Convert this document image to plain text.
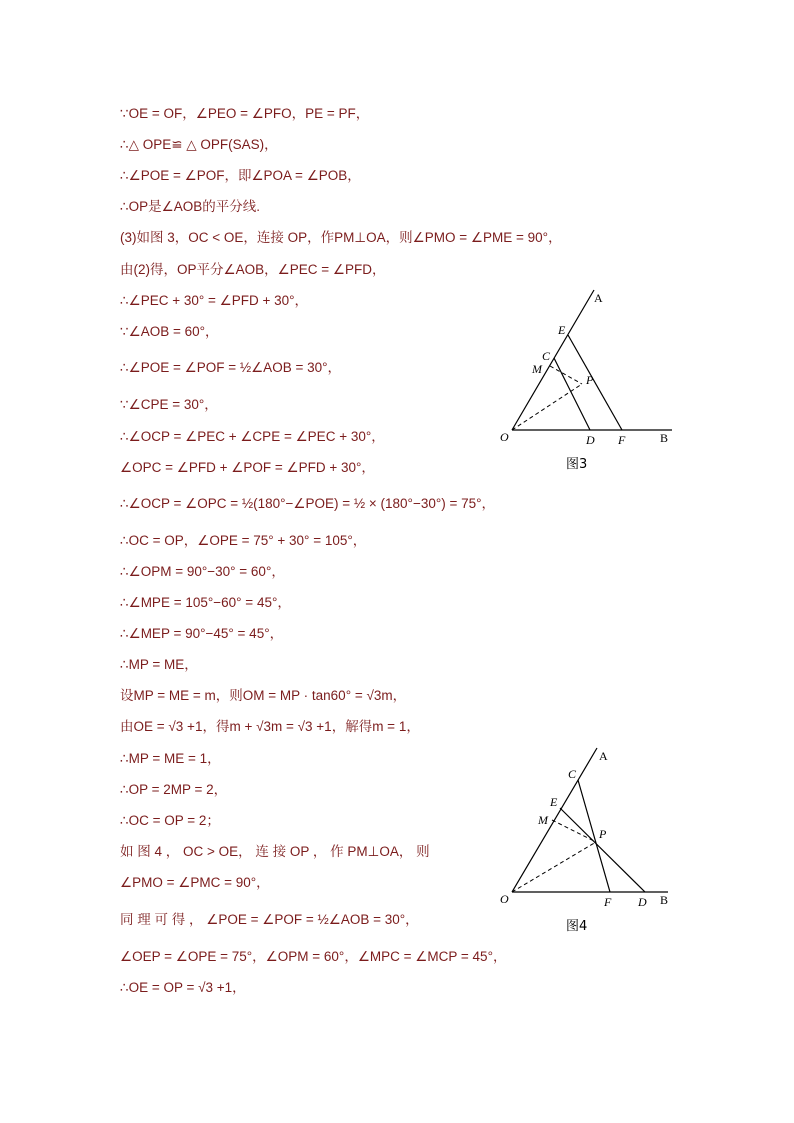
∵OE = OF，∠PEO = ∠PFO，PE = PF，
∴△ OPE≌ △ OPF(SAS)，
∴∠POE = ∠POF，即∠POA = ∠POB，
∴OP是∠AOB的平分线.
(3)如图 3，OC < OE，连接 OP，作PM⊥OA，则∠PMO = ∠PME = 90°，
由(2)得，OP平分∠AOB，∠PEC = ∠PFD，
∴∠PEC + 30° = ∠PFD + 30°，
∵∠AOB = 60°，
∴∠POE = ∠POF = ½∠AOB = 30°，
∵∠CPE = 30°，
∴∠OCP = ∠PEC + ∠CPE = ∠PEC + 30°，
∠OPC = ∠PFD + ∠POF = ∠PFD + 30°，
∴∠OCP = ∠OPC = ½(180°−∠POE) = ½ × (180°−30°) = 75°，
∴OC = OP，∠OPE = 75° + 30° = 105°，
∴∠OPM = 90°−30° = 60°，
∴∠MPE = 105°−60° = 45°，
∴∠MEP = 90°−45° = 45°，
∴MP = ME，
设MP = ME = m，则OM = MP · tan60° = √3m，
由OE = √3 +1，得m + √3m = √3 +1，解得m = 1，
∴MP = ME = 1，
∴OP = 2MP = 2，
∴OC = OP = 2；
如 图 4 ， OC > OE， 连 接 OP ， 作 PM⊥OA， 则
∠PMO = ∠PMC = 90°，
同 理 可 得 ， ∠POE = ∠POF = ½∠AOB = 30°，
∠OEP = ∠OPE = 75°，∠OPM = 60°，∠MPC = ∠MCP = 45°，
∴OE = OP = √3 +1，
A
E
C
M
P
O	D F	B
图3
A
C
E
M
P
O	F D B
图4
